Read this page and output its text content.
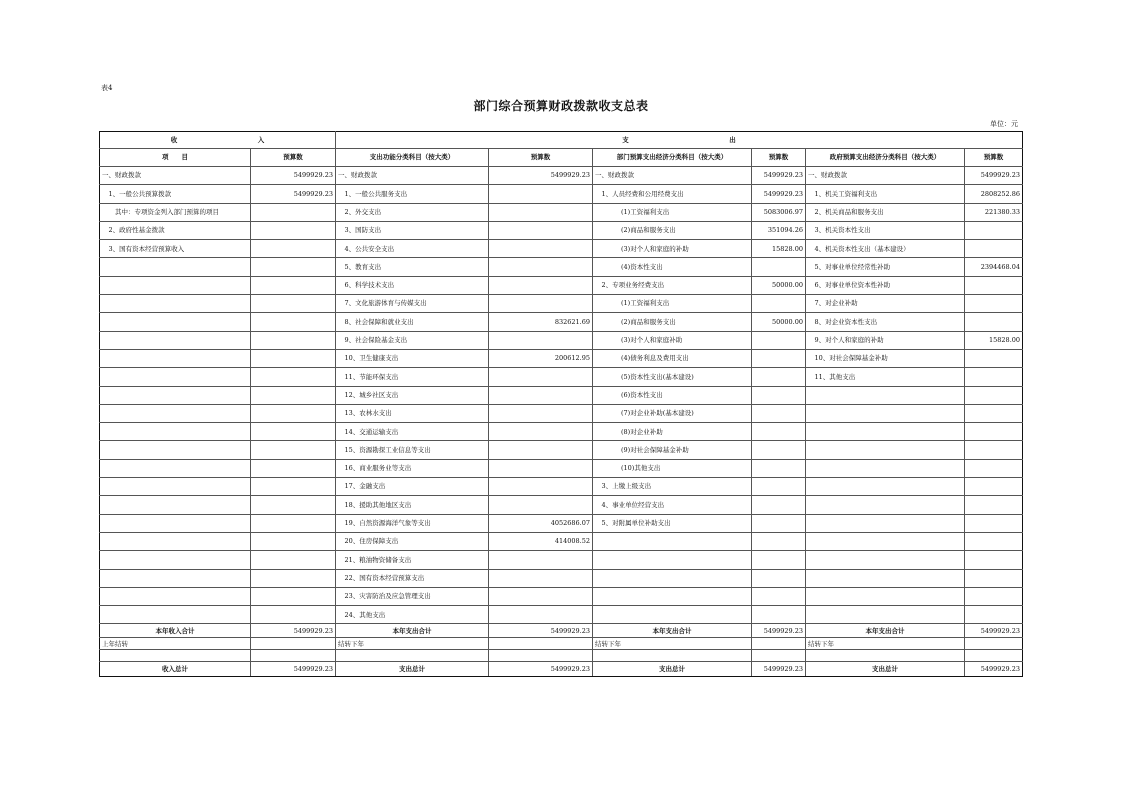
表4
部门综合预算财政拨款收支总表
单位：元
收 入		支 出					
项　　目	预算数	支出功能分类科目（按大类）	预算数	部门预算支出经济分类科目（按大类）	预算数	政府预算支出经济分类科目（按大类）	预算数
一、财政拨款	5499929.23	一、财政拨款	5499929.23	一、财政拨款	5499929.23	一、财政拨款	5499929.23
　1、一般公共预算拨款	5499929.23	　1、一般公共服务支出		　1、人员经费和公用经费支出	5499929.23	　1、机关工资福利支出	2808252.86
　　其中：专项资金列入部门预算的项目		　2、外交支出		　　　　(1)工资福利支出	5083006.97	　2、机关商品和服务支出	221380.33
　2、政府性基金拨款		　3、国防支出		　　　　(2)商品和服务支出	351094.26	　3、机关资本性支出	
　3、国有资本经营预算收入		　4、公共安全支出		　　　　(3)对个人和家庭的补助	15828.00	　4、机关资本性支出（基本建设）	
		　5、教育支出		　　　　(4)资本性支出		　5、对事业单位经常性补助	2394468.04
		　6、科学技术支出		　2、专项业务经费支出	50000.00	　6、对事业单位资本性补助	
		　7、文化旅游体育与传媒支出		　　　　(1)工资福利支出		　7、对企业补助	
		　8、社会保障和就业支出	832621.69	　　　　(2)商品和服务支出	50000.00	　8、对企业资本性支出	
		　9、社会保险基金支出		　　　　(3)对个人和家庭补助		　9、对个人和家庭的补助	15828.00
		　10、卫生健康支出	200612.95	　　　　(4)债务利息及费用支出		　10、对社会保障基金补助	
		　11、节能环保支出		　　　　(5)资本性支出(基本建设)		　11、其他支出	
		　12、城乡社区支出		　　　　(6)资本性支出			
		　13、农林水支出		　　　　(7)对企业补助(基本建设)			
		　14、交通运输支出		　　　　(8)对企业补助			
		　15、资源勘探工业信息等支出		　　　　(9)对社会保障基金补助			
		　16、商业服务业等支出		　　　　(10)其他支出			
		　17、金融支出		　3、上缴上级支出			
		　18、援助其他地区支出		　4、事业单位经营支出			
		　19、自然资源海洋气象等支出	4052686.07	　5、对附属单位补助支出			
		　20、住房保障支出	414008.52				
		　21、粮油物资储备支出					
		　22、国有资本经营预算支出					
		　23、灾害防治及应急管理支出					
		　24、其他支出					
本年收入合计	5499929.23	本年支出合计	5499929.23	本年支出合计	5499929.23	本年支出合计	5499929.23
上年结转		结转下年		结转下年		结转下年	

收入总计	5499929.23	支出总计	5499929.23	支出总计	5499929.23	支出总计	5499929.23
